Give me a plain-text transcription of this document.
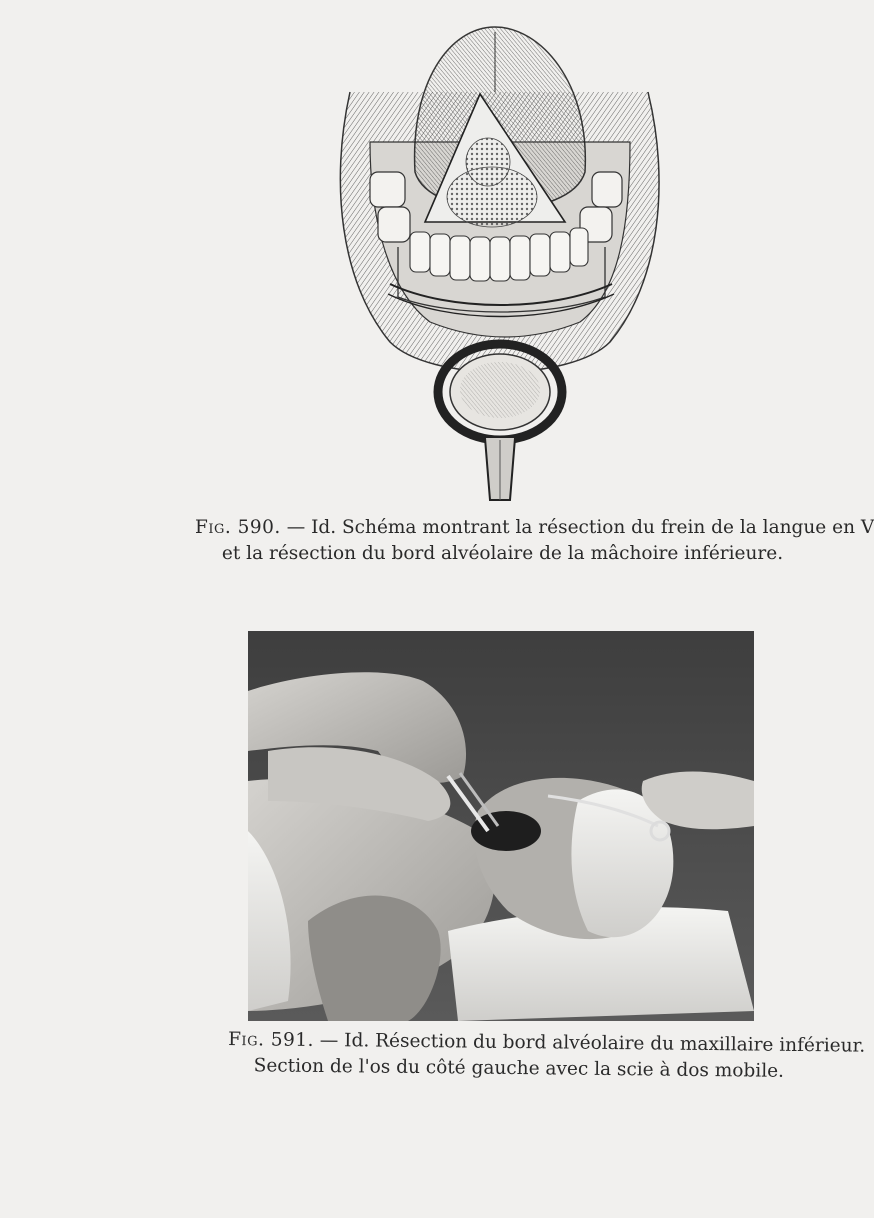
Fig. 590. — Id. Schéma montrant la résection du frein de la langue en V
et la résection du bord alvéolaire de la mâchoire inférieure.
Fig. 591. — Id. Résection du bord alvéolaire du maxillaire inférieur.
Section de l'os du côté gauche avec la scie à dos mobile.
